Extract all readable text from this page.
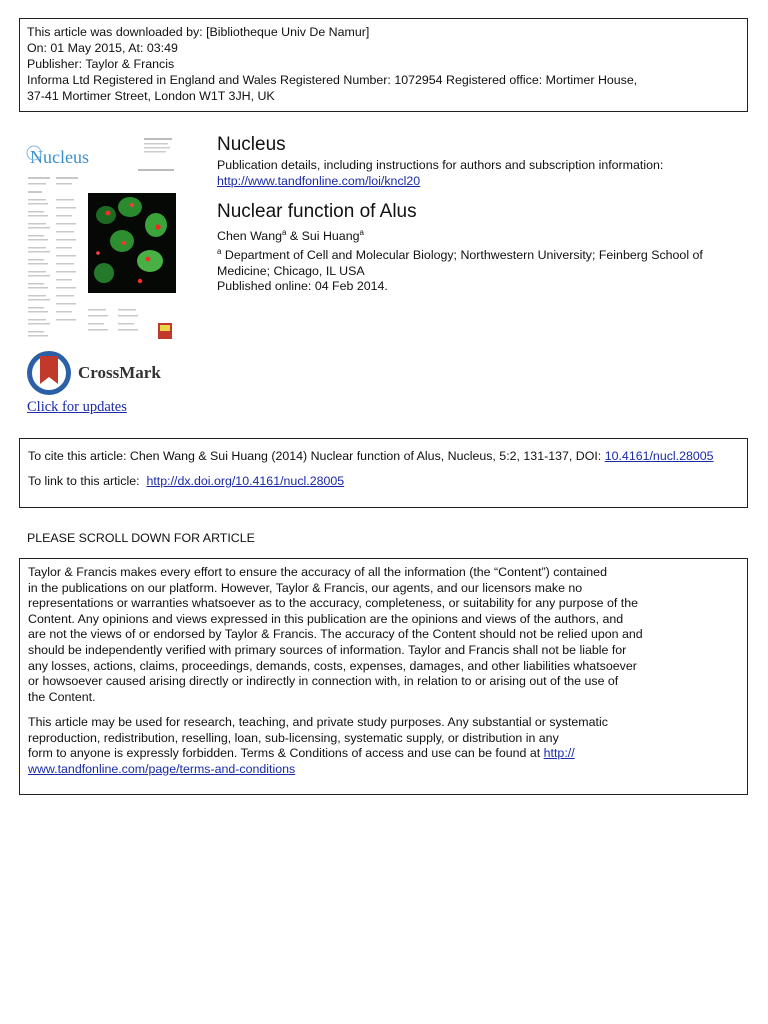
This article was downloaded by: [Bibliotheque Univ De Namur]
On: 01 May 2015, At: 03:49
Publisher: Taylor & Francis
Informa Ltd Registered in England and Wales Registered Number: 1072954 Registered office: Mortimer House,
37-41 Mortimer Street, London W1T 3JH, UK
Nucleus
CrossMark
Click for updates
Nucleus
Publication details, including instructions for authors and subscription information:
http://www.tandfonline.com/loi/kncl20
Nuclear function of Alus
Chen Wang$^a$ & Sui Huang$^a$
$^a$ Department of Cell and Molecular Biology; Northwestern University; Feinberg School of
Medicine; Chicago, IL USA
Published online: 04 Feb 2014.
To cite this article: Chen Wang & Sui Huang (2014) Nuclear function of Alus, Nucleus, 5:2, 131-137, DOI: 10.4161/nucl.28005
To link to this article: http://dx.doi.org/10.4161/nucl.28005
PLEASE SCROLL DOWN FOR ARTICLE
Taylor & Francis makes every effort to ensure the accuracy of all the information (the “Content”) contained
in the publications on our platform. However, Taylor & Francis, our agents, and our licensors make no
representations or warranties whatsoever as to the accuracy, completeness, or suitability for any purpose of the
Content. Any opinions and views expressed in this publication are the opinions and views of the authors, and
are not the views of or endorsed by Taylor & Francis. The accuracy of the Content should not be relied upon and
should be independently verified with primary sources of information. Taylor and Francis shall not be liable for
any losses, actions, claims, proceedings, demands, costs, expenses, damages, and other liabilities whatsoever
or howsoever caused arising directly or indirectly in connection with, in relation to or arising out of the use of
the Content.
This article may be used for research, teaching, and private study purposes. Any substantial or systematic
reproduction, redistribution, reselling, loan, sub-licensing, systematic supply, or distribution in any
form to anyone is expressly forbidden. Terms & Conditions of access and use can be found at http://
www.tandfonline.com/page/terms-and-conditions
